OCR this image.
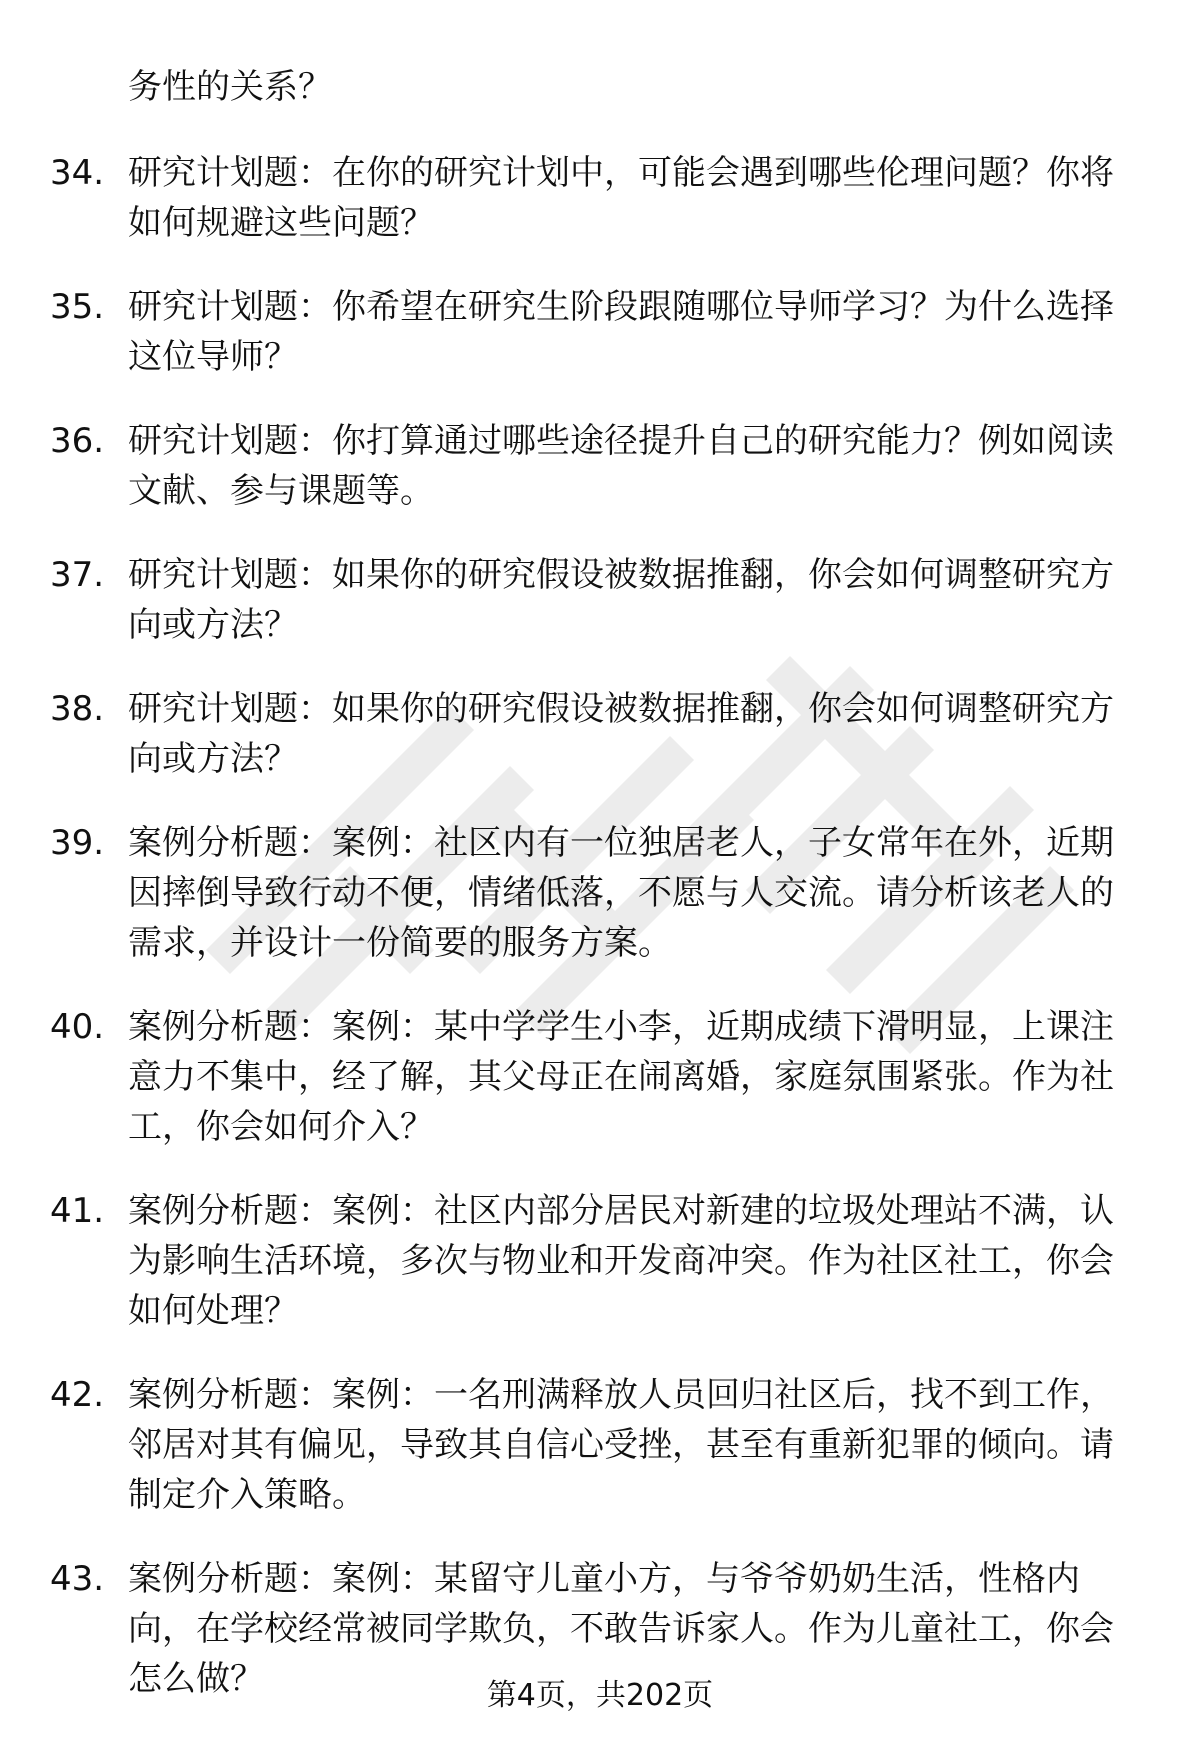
务性的关系？

34. 研究计划题：在你的研究计划中，可能会遇到哪些伦理问题？你将如何规避这些问题？
35. 研究计划题：你希望在研究生阶段跟随哪位导师学习？为什么选择这位导师？
36. 研究计划题：你打算通过哪些途径提升自己的研究能力？例如阅读文献、参与课题等。
37. 研究计划题：如果你的研究假设被数据推翻，你会如何调整研究方向或方法？
38. 研究计划题：如果你的研究假设被数据推翻，你会如何调整研究方向或方法？
39. 案例分析题：案例：社区内有一位独居老人，子女常年在外，近期因摔倒导致行动不便，情绪低落，不愿与人交流。请分析该老人的需求，并设计一份简要的服务方案。
40. 案例分析题：案例：某中学学生小李，近期成绩下滑明显，上课注意力不集中，经了解，其父母正在闹离婚，家庭氛围紧张。作为社工，你会如何介入？
41. 案例分析题：案例：社区内部分居民对新建的垃圾处理站不满，认为影响生活环境，多次与物业和开发商冲突。作为社区社工，你会如何处理？
42. 案例分析题：案例：一名刑满释放人员回归社区后，找不到工作，邻居对其有偏见，导致其自信心受挫，甚至有重新犯罪的倾向。请制定介入策略。
43. 案例分析题：案例：某留守儿童小方，与爷爷奶奶生活，性格内向，在学校经常被同学欺负，不敢告诉家人。作为儿童社工，你会怎么做？	第4页，共202页
